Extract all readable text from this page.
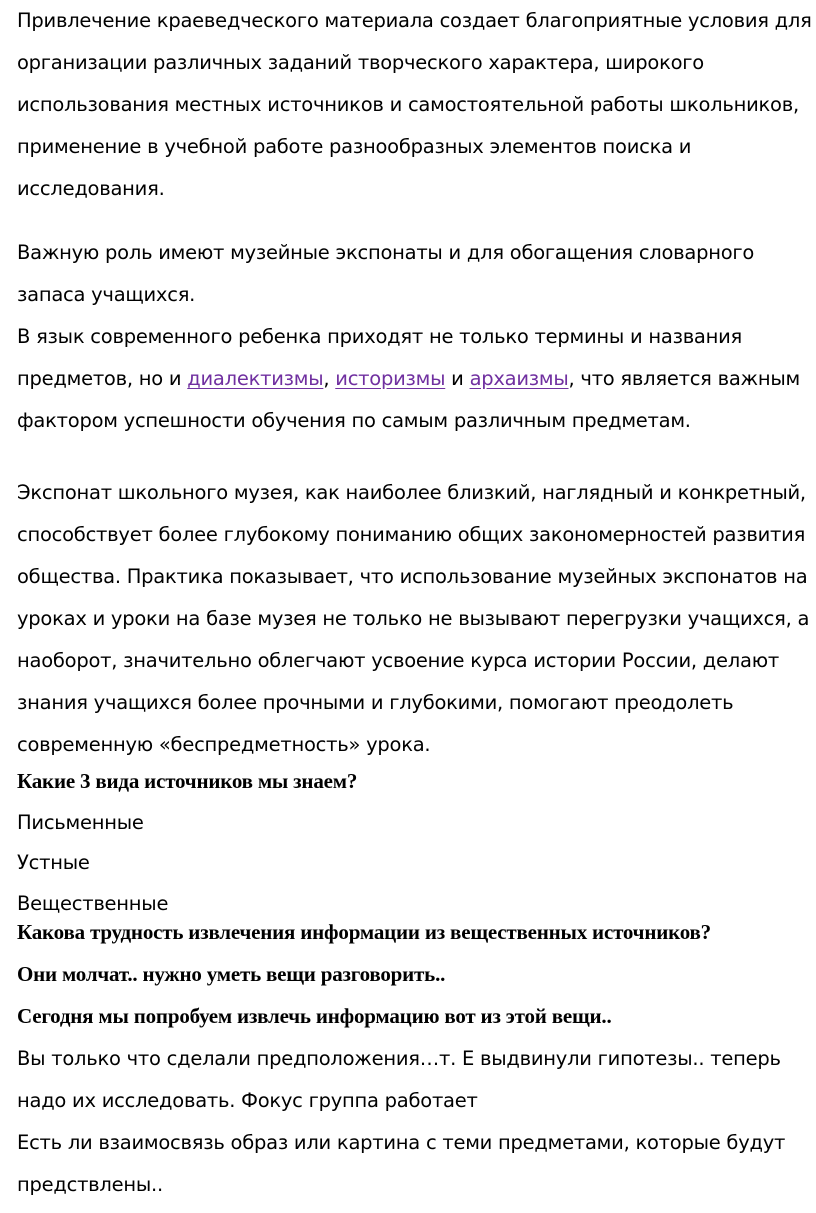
Привлечение краеведческого материала создает благоприятные условия для организации различных заданий творческого характера, широкого использования местных источников и самостоятельной работы школьников, применение в учебной работе разнообразных элементов поиска и исследования.

Важную роль имеют музейные экспонаты и для обогащения словарного запаса учащихся.

В язык современного ребенка приходят не только термины и названия предметов, но и диалектизмы, историзмы и архаизмы, что является важным фактором успешности обучения по самым различным предметам.

Экспонат школьного музея, как наиболее близкий, наглядный и конкретный, способствует более глубокому пониманию общих закономерностей развития общества. Практика показывает, что использование музейных экспонатов на уроках и уроки на базе музея не только не вызывают перегрузки учащихся, а наоборот, значительно облегчают усвоение курса истории России, делают знания учащихся более прочными и глубокими, помогают преодолеть современную «беспредметность» урока.

Какие 3 вида источников мы знаем?

Письменные

Устные

Вещественные

Какова трудность извлечения информации из вещественных источников?

Они молчат.. нужно уметь вещи разговорить..

Сегодня мы попробуем извлечь информацию вот из этой вещи..

Вы только что сделали предположения…т. Е выдвинули гипотезы.. теперь надо их исследовать. Фокус группа работает

Есть ли взаимосвязь образ или картина с теми предметами, которые будут предствлены..
